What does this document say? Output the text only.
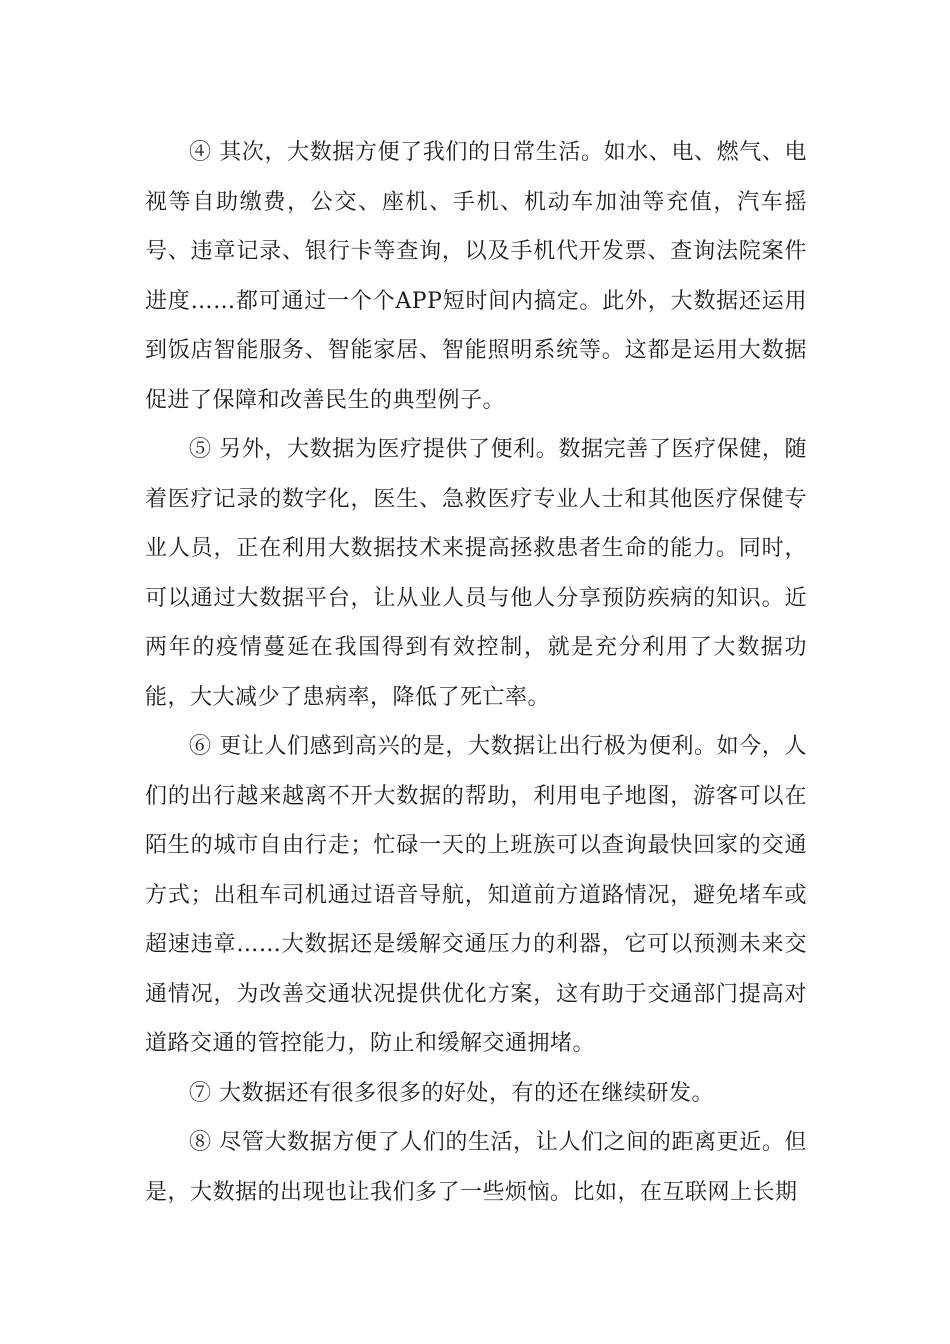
④ 其次，大数据方便了我们的日常生活。如水、电、燃气、电视等自助缴费，公交、座机、手机、机动车加油等充值，汽车摇号、违章记录、银行卡等查询，以及手机代开发票、查询法院案件进度……都可通过一个个APP短时间内搞定。此外，大数据还运用到饭店智能服务、智能家居、智能照明系统等。这都是运用大数据促进了保障和改善民生的典型例子。

⑤ 另外，大数据为医疗提供了便利。数据完善了医疗保健，随着医疗记录的数字化，医生、急救医疗专业人士和其他医疗保健专业人员，正在利用大数据技术来提高拯救患者生命的能力。同时，可以通过大数据平台，让从业人员与他人分享预防疾病的知识。近两年的疫情蔓延在我国得到有效控制，就是充分利用了大数据功能，大大减少了患病率，降低了死亡率。

⑥ 更让人们感到高兴的是，大数据让出行极为便利。如今，人们的出行越来越离不开大数据的帮助，利用电子地图，游客可以在陌生的城市自由行走；忙碌一天的上班族可以查询最快回家的交通方式；出租车司机通过语音导航，知道前方道路情况，避免堵车或超速违章……大数据还是缓解交通压力的利器，它可以预测未来交通情况，为改善交通状况提供优化方案，这有助于交通部门提高对道路交通的管控能力，防止和缓解交通拥堵。

⑦ 大数据还有很多很多的好处，有的还在继续研发。

⑧ 尽管大数据方便了人们的生活，让人们之间的距离更近。但是，大数据的出现也让我们多了一些烦恼。比如，在互联网上长期
